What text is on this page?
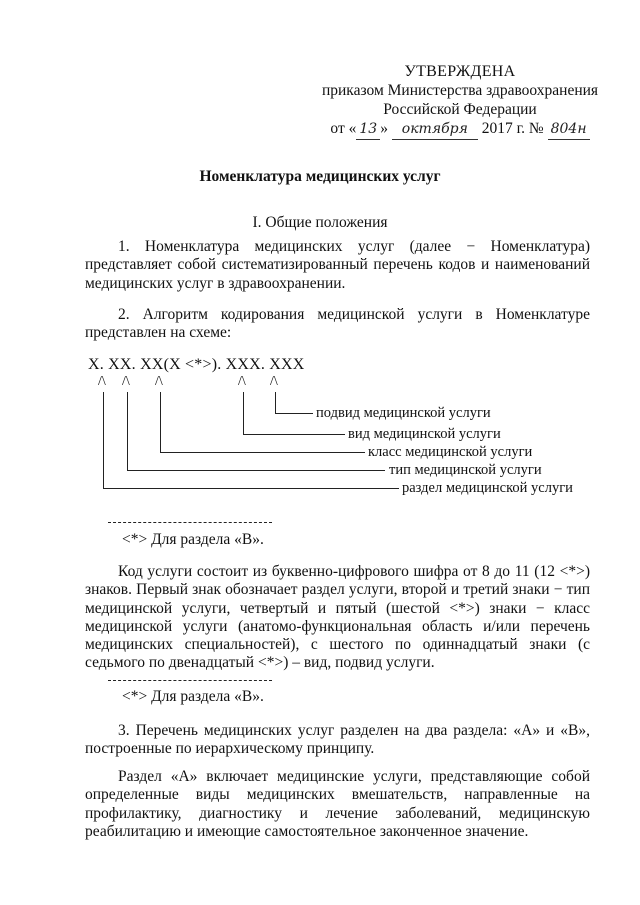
УТВЕРЖДЕНА
приказом Министерства здравоохранения
Российской Федерации
от « 13 » октября 2017 г. № 804н
Номенклатура медицинских услуг
I. Общие положения

1. Номенклатура медицинских услуг (далее − Номенклатура) представляет собой систематизированный перечень кодов и наименований медицинских услуг в здравоохранении.

2. Алгоритм кодирования медицинской услуги в Номенклатуре представлен на схеме:

X. XX. XX(X <*>). XXX. XXX
/\ /\ /\	/\ /\
подвид медицинской услуги
вид медицинской услуги
класс медицинской услуги
тип медицинской услуги
раздел медицинской услуги
<*> Для раздела «В».

Код услуги состоит из буквенно-цифрового шифра от 8 до 11 (12 <*>) знаков. Первый знак обозначает раздел услуги, второй и третий знаки − тип медицинской услуги, четвертый и пятый (шестой <*>) знаки − класс медицинской услуги (анатомо-функциональная область и/или перечень медицинских специальностей), с шестого по одиннадцатый знаки (с седьмого по двенадцатый <*>) – вид, подвид услуги.

<*> Для раздела «В».

3. Перечень медицинских услуг разделен на два раздела: «А» и «В», построенные по иерархическому принципу.

Раздел «А» включает медицинские услуги, представляющие собой определенные виды медицинских вмешательств, направленные на профилактику, диагностику и лечение заболеваний, медицинскую реабилитацию и имеющие самостоятельное законченное значение.
